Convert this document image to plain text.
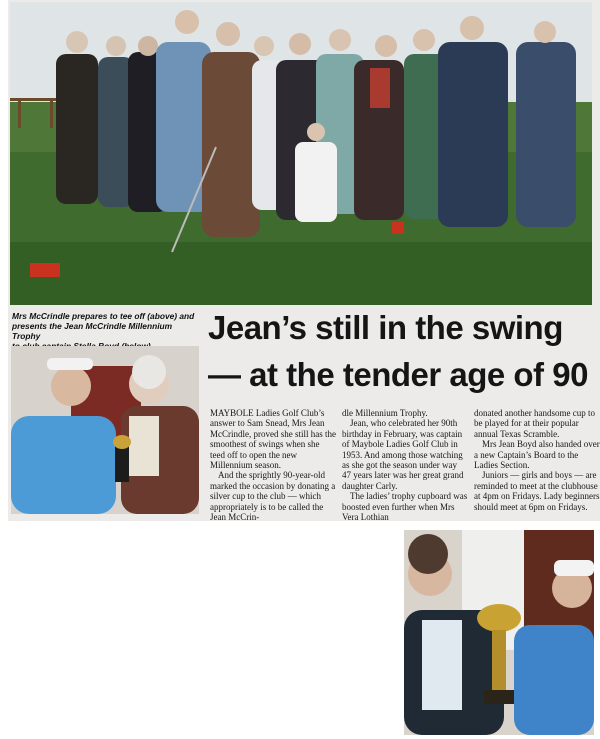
Mrs McCrindle prepares to tee off (above) and
presents the Jean McCrindle Millennium Trophy	Jean’s still in the swing
— at the tender age of 90

MAYBOLE Ladies Golf Club’s answer to Sam Snead, Mrs Jean McCrindle, proved she still has the smoothest of swings when she teed off to open the new Millennium season.

And the sprightly 90-year-old marked the occasion by donating a silver cup to the club — which appropriately is to be called the Jean McCrin-

dle Millennium Trophy.

Jean, who celebrated her 90th birthday in February, was captain of Maybole Ladies Golf Club in 1953. And among those watching as she got the season under way 47 years later was her great grand daughter Carly.

The ladies’ trophy cupboard was boosted even further when Mrs Vera Lothian

donated another handsome cup to be played for at their popular annual Texas Scramble.

Mrs Jean Boyd also handed over a new Captain’s Board to the Ladies Section.

Juniors — girls and boys — are reminded to meet at the clubhouse at 4pm on Fridays. Lady beginners should meet at 6pm on Fridays.
